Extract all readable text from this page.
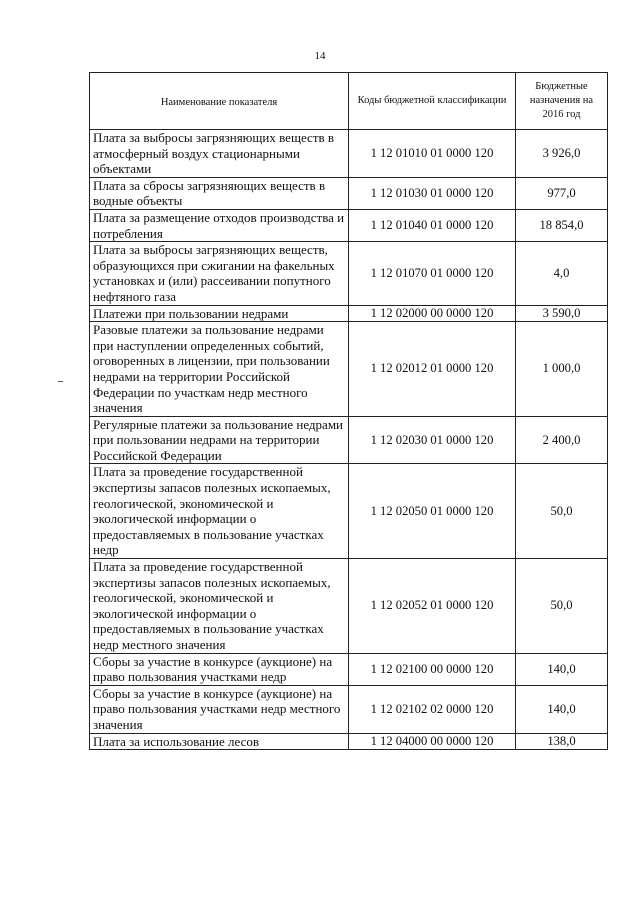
14
Наименование показателя	Коды бюджетной классификации	Бюджетные назначения на 2016 год
Плата за выбросы загрязняющих веществ в атмосферный воздух стационарными объектами	1 12 01010 01 0000 120	3 926,0
Плата за сбросы загрязняющих веществ в водные объекты	1 12 01030 01 0000 120	977,0
Плата за размещение отходов производства и потребления	1 12 01040 01 0000 120	18 854,0
Плата за выбросы загрязняющих веществ, образующихся при сжигании на факельных установках и (или) рассеивании попутного нефтяного газа	1 12 01070 01 0000 120	4,0
Платежи при пользовании недрами	1 12 02000 00 0000 120	3 590,0
Разовые платежи за пользование недрами при наступлении определенных событий, оговоренных в лицензии, при пользовании недрами на территории Российской Федерации по участкам недр местного значения	1 12 02012 01 0000 120	1 000,0
Регулярные платежи за пользование недрами при пользовании недрами на территории Российской Федерации	1 12 02030 01 0000 120	2 400,0
Плата за проведение государственной экспертизы запасов полезных ископаемых, геологической, экономической и экологической информации о предоставляемых в пользование участках недр	1 12 02050 01 0000 120	50,0
Плата за проведение государственной экспертизы запасов полезных ископаемых, геологической, экономической и экологической информации о предоставляемых в пользование участках недр местного значения	1 12 02052 01 0000 120	50,0
Сборы за участие в конкурсе (аукционе) на право пользования участками недр	1 12 02100 00 0000 120	140,0
Сборы за участие в конкурсе (аукционе) на право пользования участками недр местного значения	1 12 02102 02 0000 120	140,0
Плата за использование лесов	1 12 04000 00 0000 120	138,0
